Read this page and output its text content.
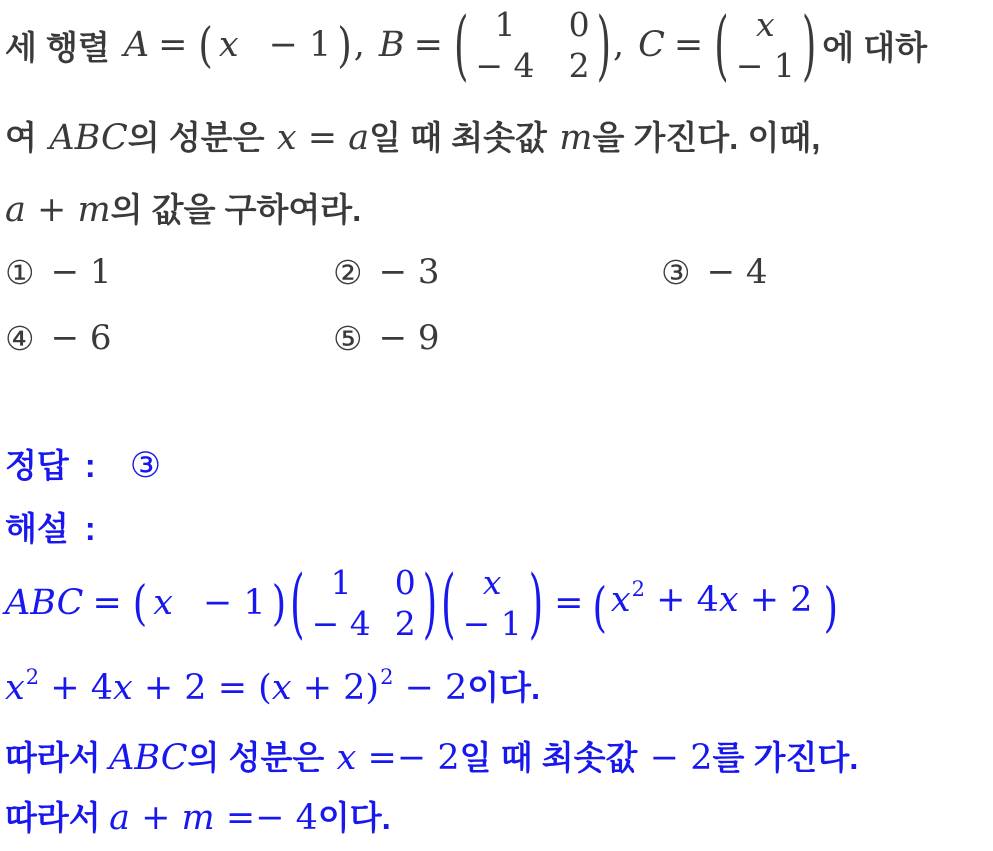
세 행렬 A = ( x − 1 ) , B = ( 1 0
− 4 2 ) , C = ( x
− 1 ) 에 대하
여 ABC의 성분은 x = a일 때 최솟값 m을 가진다. 이때,
a + m의 값을 구하여라.
① − 1	② − 3	③ − 4
④ − 6	⑤ − 9
정답 : ③
해설 :
ABC = ( x − 1 ) ( 1 0
− 4 2 ) ( x
− 1 ) = ( x2 + 4x + 2 )
x2 + 4x + 2 = (x + 2)2 − 2이다.
따라서 ABC의 성분은 x =− 2일 때 최솟값 − 2를 가진다.
따라서 a + m =− 4이다.
